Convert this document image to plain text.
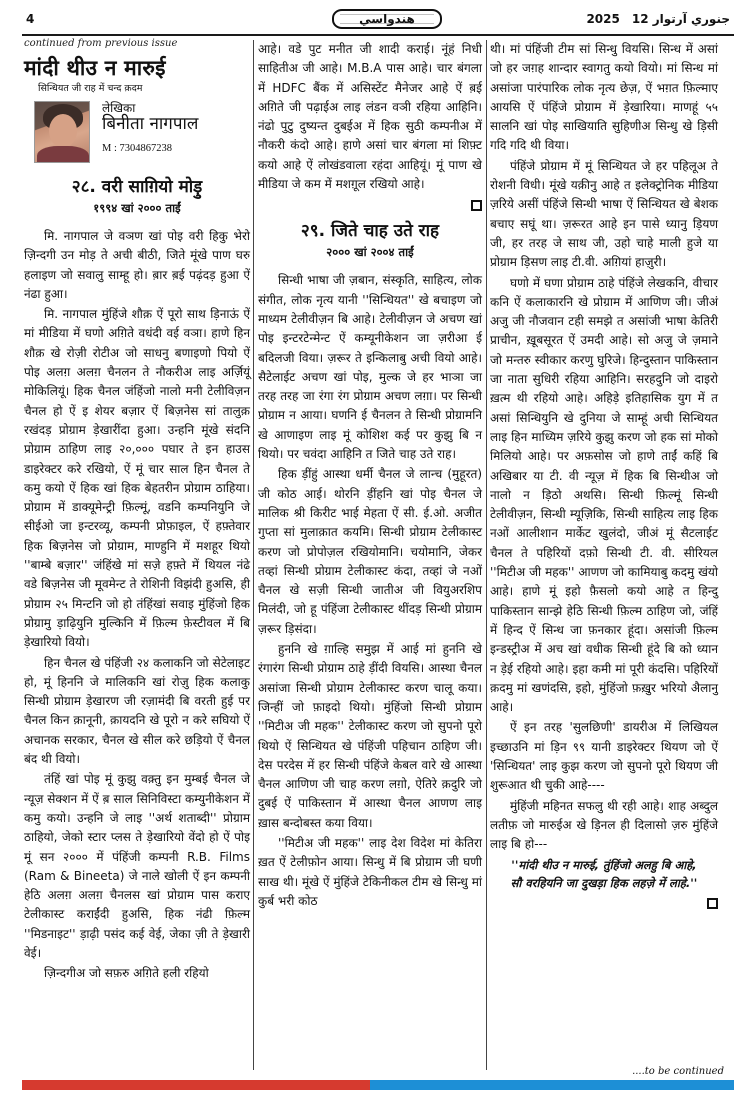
4	هندواسي	2025 12 جنوري آرتوار
continued from previous issue
मांदी थीउ न मारुई
सिन्धियत जी राह में चन्द क़दम
लेखिका
बिनीता नागपाल
M : 7304867238
२८. वरी साग़ियो मोड़ु
१९९४ खां २००० ताईं

मि. नागपाल जे वञण खां पोइ वरी हिकु भेरो ज़िन्दगी उन मोड़ ते अची बीठी, जिते मूंखे पाण घरु हलाइण जो सवालु साम्हू हो। ब़ार ब़ई पढ़ंदड़ हुआ ऐं नंढा हुआ।

मि. नागपाल मुंहिंजे शौक़ ऐं पूरो साथ ड़िनाऊं ऐं मां मीडिया में घणो अग़िते वधंदी वई वञा। हाणे हिन शौक़ खे रोज़ी रोटीअ जो साधनु बणाइणो पियो ऐं पोइ अलग़ अलग़ चैनलन ते नौकरीअ लाइ अर्ज़ियूं मोकिलियूं। हिक चैनल जंहिंजो नालो मनी टेलीविज़न चैनल हो ऐं इ शेयर बज़ार ऐं बिज़नेस सां तालुक़ रखंदड़ प्रोग्राम ड़ेखारींदा हुआ। उन्हनि मूंखे संदनि प्रोग्राम ठाहिण लाइ २०,००० पघार ते इन हाउस डाइरेक्टर करे रखियो, ऐं मूं चार साल हिन चैनल ते कमु कयो ऐं हिक खां हिक बेहतरीन प्रोग्राम ठाहिया। प्रोग्राम में डाक्यूमेन्ट्री फ़िल्मूं, वडनि कम्पनियुनि जे सीईओ जा इन्टरव्यू, कम्पनी प्रोफ़ाइल, ऐं हफ़्तेवार हिक बिज़नेस जो प्रोग्राम, माण्हुनि में मशहूर थियो ''बाम्बे बज़ार'' जंहिंखे मां सज़े हफ़्ते में थियल नंढे वडे बिज़नेस जी मूवमेन्ट ते रोशिनी विझंदी हुअसि, ही प्रोग्राम २५ मिन्टनि जो हो तंहिंखां सवाइ मुंहिंजो हिक प्रोग्रामु ड़ाढ़ियुनि मुल्किनि में फ़िल्म फ़ेस्टीवल में बि ड़ेखारियो वियो।

हिन चैनल खे पंहिंजी २४ कलाकनि जो सेटेलाइट हो, मूं हिननि जे मालिकनि खां रोज़ु हिक कलाकु सिन्धी प्रोग्राम ड़ेखारण जी रज़ामंदी बि वरती हुई पर चैनल किन क़ानूनी, क़ायदनि खे पूरो न करे सघियो ऐं अचानक सरकार, चैनल खे सील करे छड़ियो ऐं चैनल बंद थी वियो।

तंहिं खां पोइ मूं कुझु वक़्तु इन मुम्बई चैनल जे न्यूज़ सेक्शन में ऐं ब़ साल सिनिविस्टा कम्युनीकेशन में कमु कयो। उन्हनि जे लाइ ''अर्थ शताब्दी'' प्रोग्राम ठाहियो, जेको स्टार प्लस ते ड़ेखारियो वेंदो हो ऐं पोइ मूं सन २००० में पंहिंजी कम्पनी R.B. Films (Ram & Bineeta) जे नाले खोली ऐं इन कम्पनी हेठि अलग़ अलग़ चैनलस खां प्रोग्राम पास कराए टेलीकास्ट कराईंदी हुअसि, हिक नंढी फ़िल्म ''मिडनाइट'' ड़ाढ़ी पसंद कई वेई, जेका ज़ी ते ड़ेखारी वेई।

ज़िन्दगीअ जो सफ़रु अग़िते हली रहियो

आहे। वडे पुट मनीत जी शादी कराई। नूंहं निधी साहितीअ जी आहे। M.B.A पास आहे। चार बंगला में HDFC बैंक में असिस्टेंट मैनेजर आहे ऐं ब़ई अग़िते जी पढ़ाईअ लाइ लंडन वञी रहिया आहिनि। नंढो पुटु दुष्यन्त दुबईअ में हिक सुठी कम्पनीअ में नौकरी कंदो आहे। हाणे असां चार बंगला मां शिफ़्ट कयो आहे ऐं लोखंडवाला रहंदा आहियूं। मूं पाण खे मीडिया जे कम में मशग़ूल रखियो आहे।

२९. जिते चाह उते राह
२००० खां २००४ ताईं

सिन्धी भाषा जी ज़बान, संस्कृति, साहित्य, लोक संगीत, लोक नृत्य यानी ''सिन्धियत'' खे बचाइण जो माध्यम टेलीवीज़न बि आहे। टेलीवीज़न जे अचण खां पोइ इन्टरटेन्मेन्ट ऐं कम्यूनीकेशन जा ज़रीआ ई बदिलजी विया। ज़रूर ते इन्किलाबु अची वियो आहे। सैटेलाईट अचण खां पोइ, मुल्क जे हर भाञा जा तरह तरह जा रंगा रंग प्रोग्राम अचण लग़ा। पर सिन्धी प्रोग्राम न आया। घणनि ई चैनलन ते सिन्धी प्रोग्रामनि खे आणाइण लाइ मूं कोशिश कई पर कुझु बि न थियो। पर चवंदा आहिनि त जिते चाह उते राह।

हिक ड़ींहुं आस्था धर्मी चैनल जे लान्च (मुहूरत) जी कोठ आई। थोरनि ड़ींहनि खां पोइ चैनल जे मालिक श्री किरीट भाई मेहता ऐं सी. ई.ओ. अजीत गुप्ता सां मुलाक़ात कयमि। सिन्धी प्रोग्राम टेलीकास्ट करण जो प्रोपोज़ल रखियोमानि। चयोमानि, जेकर तव्हां सिन्धी प्रोग्राम टेलीकास्ट कंदा, तव्हां जे नओं चैनल खे सज़ी सिन्धी जातीअ जी वियुअरशिप मिलंदी, जो हू पंहिंजा टेलीकास्ट थींदड़ सिन्धी प्रोग्राम ज़रूर ड़िसंदा।

हुननि खे ग़ाल्हि समुझ में आई मां हुननि खे रंगारंग सिन्धी प्रोग्राम ठाहे ड़ींदी वियसि। आस्था चैनल असांजा सिन्धी प्रोग्राम टेलीकास्ट करण चालू कया। जिन्हीं जो फ़ाइदो थियो। मुंहिंजो सिन्धी प्रोग्राम ''मिटीअ जी महक'' टेलीकास्ट करण जो सुपनो पूरो थियो ऐं सिन्धियत खे पंहिंजी पहिचान ठाहिण जी। देस परदेस में हर सिन्धी पंहिंजे केबल वारे खे आस्था चैनल आणिण जी चाह करण लग़ो, ऐतिरे क़दुरि जो दुबई ऐं पाकिस्तान में आस्था चैनल आणण लाइ ख़ास बन्दोबस्त कया विया।

''मिटीअ जी महक'' लाइ देश विदेश मां केतिरा ख़त ऐं टेलीफ़ोन आया। सिन्धु में बि प्रोग्राम जी घणी साख थी। मूंखे ऐं मुंहिंजे टेकिनीकल टीम खे सिन्धु मां कुर्ब भरी कोठ

थी। मां पंहिंजी टीम सां सिन्धु वियसि। सिन्ध में असां जो हर जग़ह शान्दार स्वागतु कयो वियो। मां सिन्ध मां असांजा पारंपारिक लोक नृत्य छेज़, ऐं भग़त फ़िल्माए आयसि ऐं पंहिंजे प्रोग्राम में ड़ेखारिया। माणहूं ५५ सालनि खां पोइ साखियाति सुहिणीअ सिन्धु खे ड़िसी गदि गदि थी विया।

पंहिंजे प्रोग्राम में मूं सिन्धियत जे हर पहिलूअ ते रोशनी विधी। मूंखे यक़ीनु आहे त इलेक्ट्रोनिक मीडिया ज़रिये असीं पंहिंजे सिन्धी भाषा ऐं सिन्धियत खे बेशक बचाए सघूं था। ज़रूरत आहे इन पासे ध्यानु ड़ियण जी, हर तरह जे साथ जी, उहो चाहे माली हुजे या प्रोग्राम ड़िसण लाइ टी.वी. अग़ियां हाज़ुरी।

घणो में घणा प्रोग्राम ठाहे पंहिंजे लेखकनि, वीचार कनि ऐं कलाकारनि खे प्रोग्राम में आणिण जी। जीअं अजु जी नौजवान टही समझे त असांजी भाषा केतिरी प्राचीन, ख़ूबसूरत ऐं उमदी आहे। सो अजु जे ज़माने जो मन्तरु स्वीकार करणु घुरिजे। हिन्दुस्तान पाकिस्तान जा नाता सुधिरी रहिया आहिनि। सरहदुनि जो दाइरो ख़त्म थी रहियो आहे। अहिड़े इतिहासिक युग में त असां सिन्धियुनि खे दुनिया जे साम्हूं अची सिन्धियत लाइ हिन माध्यिम ज़रिये कुझु करण जो हक सां मोको मिलियो आहे। पर अफ़सोस जो हाणे ताईं कहिं बि अखिबार या टी. वी न्यूज़ में हिक बि सिन्धीअ जो नालो न ड़िठो अथसि। सिन्धी फ़िल्मूं सिन्धी टेलीवीज़न, सिन्धी म्यूज़िकि, सिन्धी साहित्य लाइ हिक नओं आलीशान मार्केट खुलंदो, जीअं मूं सैटलाईट चैनल ते पहिरियों दफ़ो सिन्धी टी. वी. सीरियल ''मिटीअ जी महक'' आणण जो कामियाबु कदमु खंयो आहे। हाणे मूं इहो फ़ैसलो कयो आहे त हिन्दु पाकिस्तान सान्झे हेठि सिन्धी फ़िल्म ठाहिण जो, जंहिं में हिन्द ऐं सिन्ध जा फ़नकार हूंदा। असांजी फ़िल्म इन्डस्ट्रीअ में अच खां वधीक सिन्धी हूंदे बि को ध्यान न ड़ेई रहियो आहे। इहा कमी मां पूरी कंदसि। पहिरियों क़दमु मां खणंदसि, इहो, मुंहिंजो फ़ख़ुर भरियो अैलानु आहे।

ऐं इन तरह 'सुलछिणी' डायरीअ में लिखियल इच्छाउनि मां ड़िन ९९ यानी डाइरेक्टर थियण जो ऐं 'सिन्धियत' लाइ कुझ करण जो सुपनो पूरो थियण जी शुरूआत थी चुकी आहे----

मुंहिंजी महिनत सफलु थी रही आहे। शाह अब्दुल लतीफ़ जो मारुईअ खे ड़िनल ही दिलासो ज़रु मुंहिंजे लाइ बि हो---

''मांदी थीउ न मारुई, तुंहिंजो अलहु बि आहे,
सौ वरहियनि जा दुखड़ा हिक लहज़े में लाहे.''
....to be continued
